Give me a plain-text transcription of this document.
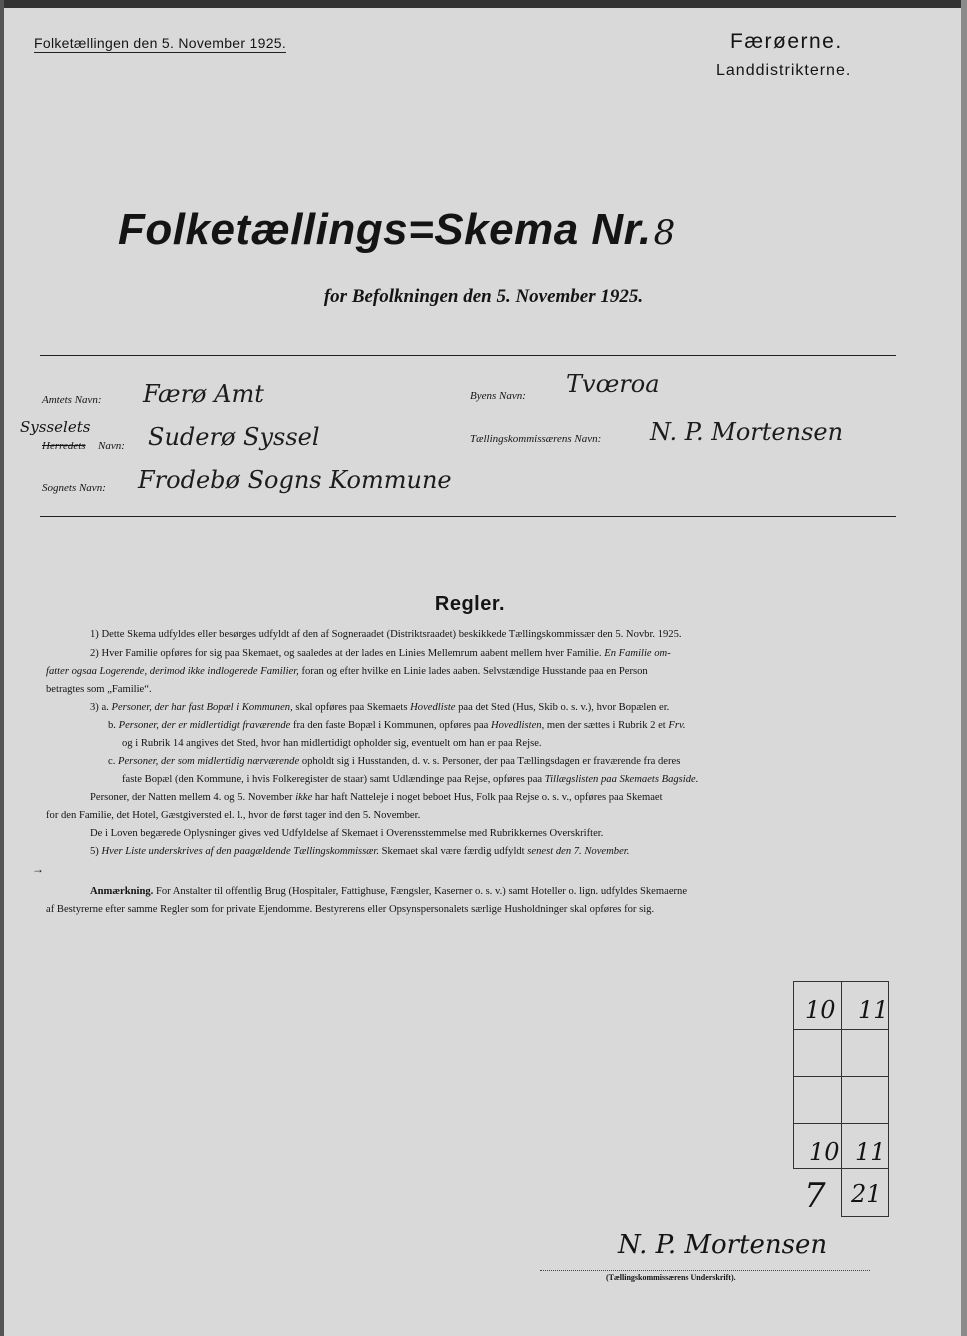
Folketællingen den 5. November 1925.	Færøerne.
Landdistrikterne.
Folketællings=Skema Nr.8
for Befolkningen den 5. November 1925.
Amtets Navn: Færø Amt
Sysselets
Herredets Navn: Suderø Syssel
Sognets Navn: Frodebø Sogns Kommune
Byens Navn: Tvœroa
Tællingskommissærens Navn: N. P. Mortensen
Regler.
1) Dette Skema udfyldes eller besørges udfyldt af den af Sogneraadet (Distriktsraadet) beskikkede Tællingskommissær den 5. Novbr. 1925.
2) Hver Familie opføres for sig paa Skemaet, og saaledes at der lades en Linies Mellemrum aabent mellem hver Familie. En Familie om-
fatter ogsaa Logerende, derimod ikke indlogerede Familier, foran og efter hvilke en Linie lades aaben. Selvstændige Husstande paa en Person
betragtes som „Familie“.
3) a. Personer, der har fast Bopæl i Kommunen, skal opføres paa Skemaets Hovedliste paa det Sted (Hus, Skib o. s. v.), hvor Bopælen er.
b. Personer, der er midlertidigt fraværende fra den faste Bopæl i Kommunen, opføres paa Hovedlisten, men der sættes i Rubrik 2 et Frv.
og i Rubrik 14 angives det Sted, hvor han midlertidigt opholder sig, eventuelt om han er paa Rejse.
c. Personer, der som midlertidig nærværende opholdt sig i Husstanden, d. v. s. Personer, der paa Tællingsdagen er fraværende fra deres
faste Bopæl (den Kommune, i hvis Folkeregister de staar) samt Udlændinge paa Rejse, opføres paa Tillægslisten paa Skemaets Bagside.
Personer, der Natten mellem 4. og 5. November ikke har haft Natteleje i noget beboet Hus, Folk paa Rejse o. s. v., opføres paa Skemaet
for den Familie, det Hotel, Gæstgiversted el. l., hvor de først tager ind den 5. November.
De i Loven begærede Oplysninger gives ved Udfyldelse af Skemaet i Overensstemmelse med Rubrikkernes Overskrifter.
5) Hver Liste underskrives af den paagældende Tællingskommissær. Skemaet skal være færdig udfyldt senest den 7. November.
Anmærkning. For Anstalter til offentlig Brug (Hospitaler, Fattighuse, Fængsler, Kaserner o. s. v.) samt Hoteller o. lign. udfyldes Skemaerne
af Bestyrerne efter samme Regler som for private Ejendomme. Bestyrerens eller Opsynspersonalets særlige Husholdninger skal opføres for sig.
→
10 11
10 11
7 21
N. P. Mortensen
(Tællingskommissærens Underskrift).
